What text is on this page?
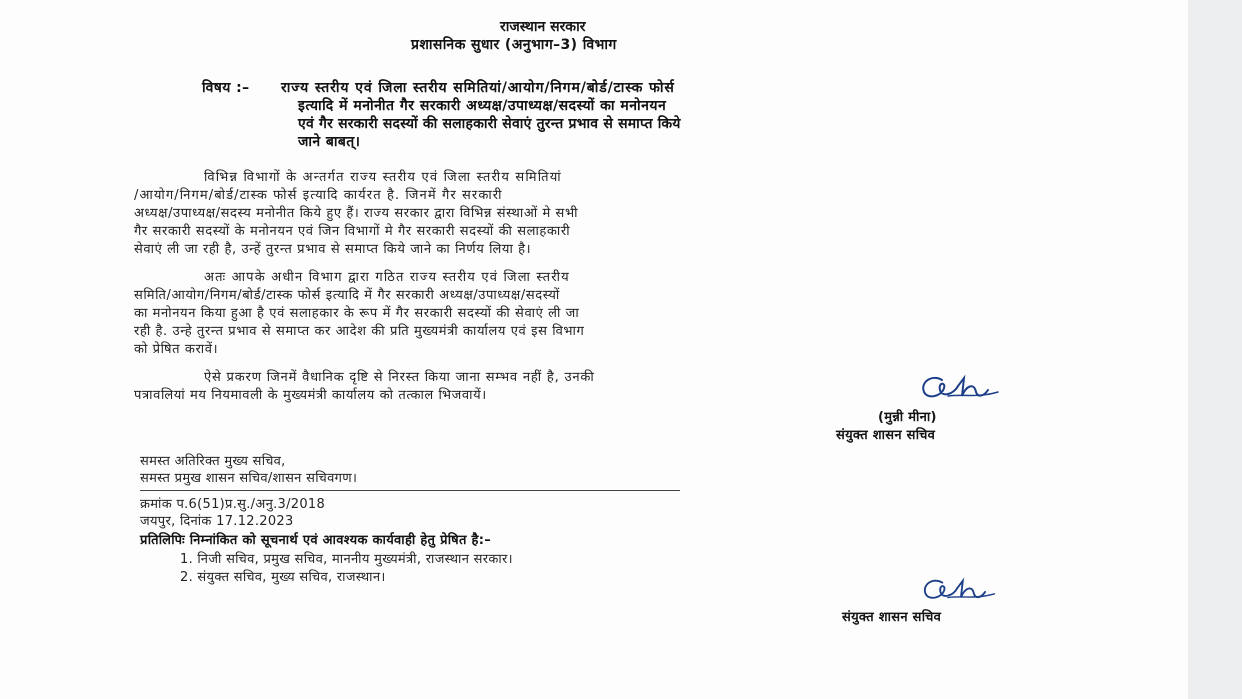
राजस्थान सरकार
प्रशासनिक सुधार (अनुभाग–3) विभाग
विषय :– राज्य स्तरीय एवं जिला स्तरीय समितियां/आयोग/निगम/बोर्ड/टास्क फोर्स
इत्यादि में मनोनीत गैर सरकारी अध्यक्ष/उपाध्यक्ष/सदस्यों का मनोनयन
एवं गैर सरकारी सदस्यों की सलाहकारी सेवाएं तुरन्त प्रभाव से समाप्त किये
जाने बाबत्।
विभिन्न विभागों के अन्तर्गत राज्य स्तरीय एवं जिला स्तरीय समितियां
/आयोग/निगम/बोर्ड/टास्क फोर्स इत्यादि कार्यरत है. जिनमें गैर सरकारी
अध्यक्ष/उपाध्यक्ष/सदस्य मनोनीत किये हुए हैं। राज्य सरकार द्वारा विभिन्न संस्थाओं मे सभी
गैर सरकारी सदस्यों के मनोनयन एवं जिन विभागों मे गैर सरकारी सदस्यों की सलाहकारी
सेवाएं ली जा रही है, उन्हें तुरन्त प्रभाव से समाप्त किये जाने का निर्णय लिया है।
अतः आपके अधीन विभाग द्वारा गठित राज्य स्तरीय एवं जिला स्तरीय
समिति/आयोग/निगम/बोर्ड/टास्क फोर्स इत्यादि में गैर सरकारी अध्यक्ष/उपाध्यक्ष/सदस्यों
का मनोनयन किया हुआ है एवं सलाहकार के रूप में गैर सरकारी सदस्यों की सेवाएं ली जा
रही है. उन्हे तुरन्त प्रभाव से समाप्त कर आदेश की प्रति मुख्यमंत्री कार्यालय एवं इस विभाग
को प्रेषित करावें।
ऐसे प्रकरण जिनमें वैधानिक दृष्टि से निरस्त किया जाना सम्भव नहीं है, उनकी
पत्रावलियां मय नियमावली के मुख्यमंत्री कार्यालय को तत्काल भिजवायें।
(मुन्नी मीना)
संयुक्त शासन सचिव
समस्त अतिरिक्त मुख्य सचिव,
समस्त प्रमुख शासन सचिव/शासन सचिवगण।
क्रमांक प.6(51)प्र.सु./अनु.3/2018
जयपुर, दिनांक 17.12.2023
प्रतिलिपिः निम्नांकित को सूचनार्थ एवं आवश्यक कार्यवाही हेतु प्रेषित है:–
1. निजी सचिव, प्रमुख सचिव, माननीय मुख्यमंत्री, राजस्थान सरकार।
2. संयुक्त सचिव, मुख्य सचिव, राजस्थान।
संयुक्त शासन सचिव
